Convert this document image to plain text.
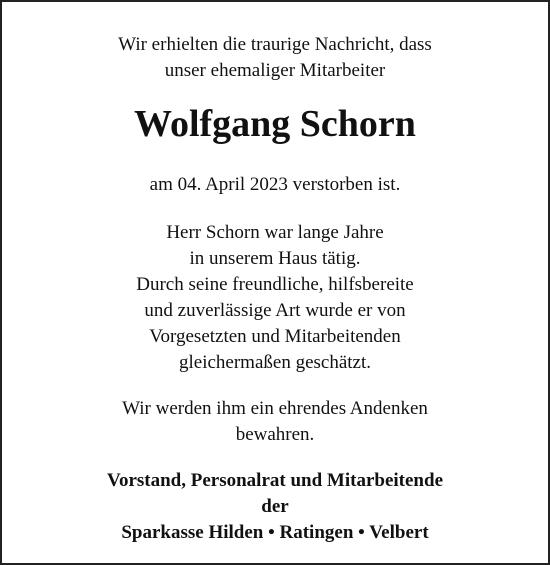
Wir erhielten die traurige Nachricht, dass
unser ehemaliger Mitarbeiter
Wolfgang Schorn
am 04. April 2023 verstorben ist.
Herr Schorn war lange Jahre
in unserem Haus tätig.
Durch seine freundliche, hilfsbereite
und zuverlässige Art wurde er von
Vorgesetzten und Mitarbeitenden
gleichermaßen geschätzt.
Wir werden ihm ein ehrendes Andenken
bewahren.
Vorstand, Personalrat und Mitarbeitende
der
Sparkasse Hilden • Ratingen • Velbert
